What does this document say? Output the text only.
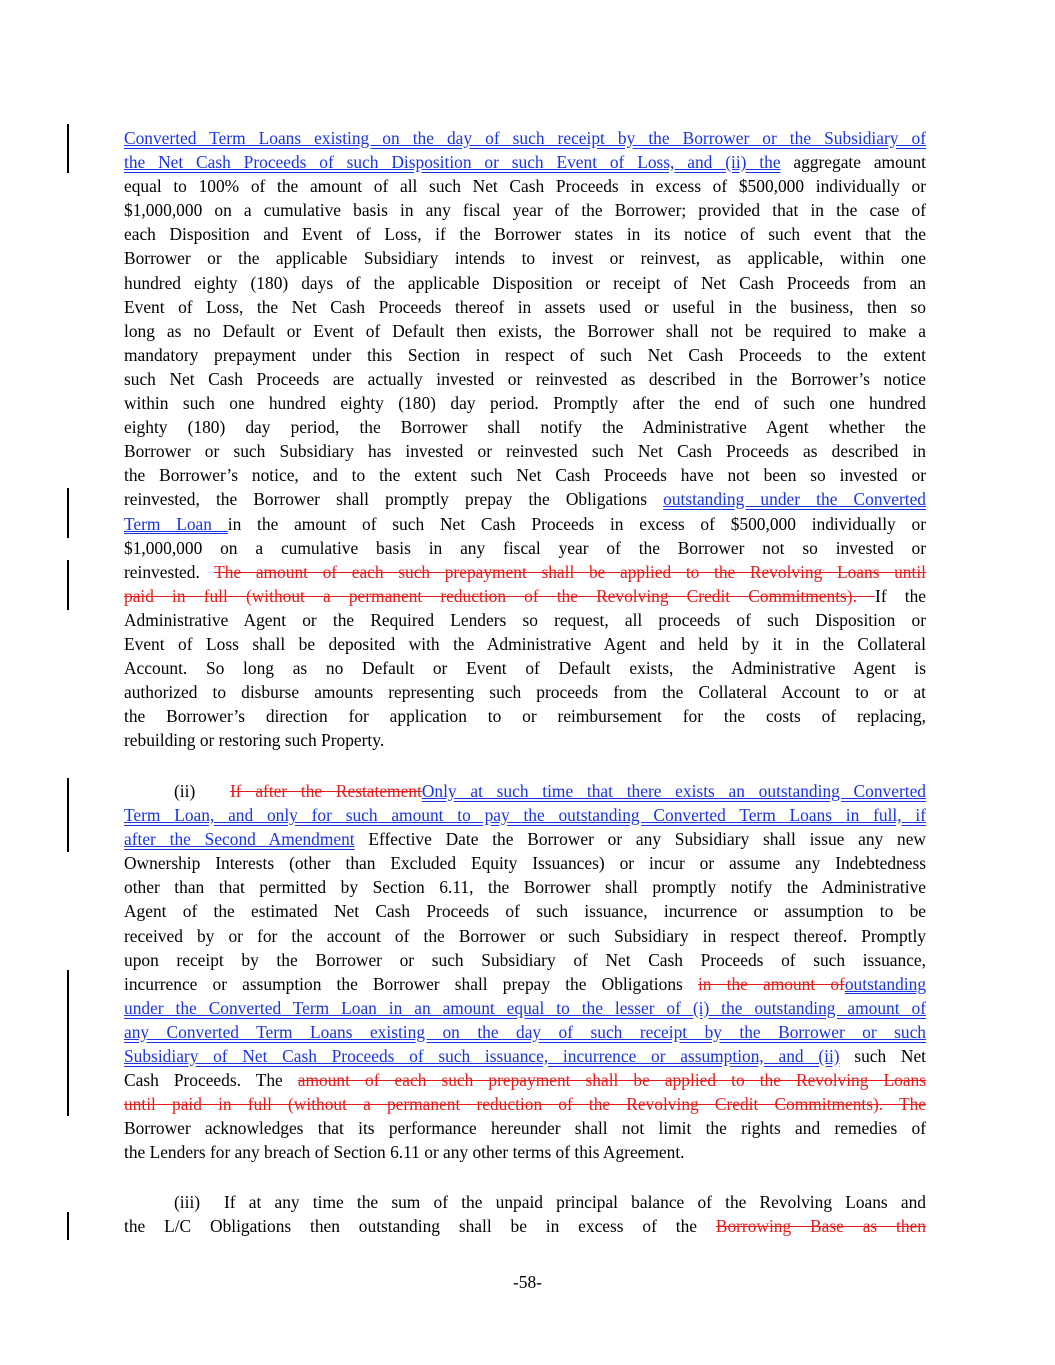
Converted Term Loans existing on the day of such receipt by the Borrower or the Subsidiary of
the Net Cash Proceeds of such Disposition or such Event of Loss, and (ii) the aggregate amount
equal to 100% of the amount of all such Net Cash Proceeds in excess of $500,000 individually or
$1,000,000 on a cumulative basis in any fiscal year of the Borrower; provided that in the case of
each Disposition and Event of Loss, if the Borrower states in its notice of such event that the
Borrower or the applicable Subsidiary intends to invest or reinvest, as applicable, within one
hundred eighty (180) days of the applicable Disposition or receipt of Net Cash Proceeds from an
Event of Loss, the Net Cash Proceeds thereof in assets used or useful in the business, then so
long as no Default or Event of Default then exists, the Borrower shall not be required to make a
mandatory prepayment under this Section in respect of such Net Cash Proceeds to the extent
such Net Cash Proceeds are actually invested or reinvested as described in the Borrower’s notice
within such one hundred eighty (180) day period. Promptly after the end of such one hundred
eighty (180) day period, the Borrower shall notify the Administrative Agent whether the
Borrower or such Subsidiary has invested or reinvested such Net Cash Proceeds as described in
the Borrower’s notice, and to the extent such Net Cash Proceeds have not been so invested or
reinvested, the Borrower shall promptly prepay the Obligations outstanding under the Converted
Term Loan in the amount of such Net Cash Proceeds in excess of $500,000 individually or
$1,000,000 on a cumulative basis in any fiscal year of the Borrower not so invested or
reinvested. The amount of each such prepayment shall be applied to the Revolving Loans until
paid in full (without a permanent reduction of the Revolving Credit Commitments). If the
Administrative Agent or the Required Lenders so request, all proceeds of such Disposition or
Event of Loss shall be deposited with the Administrative Agent and held by it in the Collateral
Account. So long as no Default or Event of Default exists, the Administrative Agent is
authorized to disburse amounts representing such proceeds from the Collateral Account to or at
the Borrower’s direction for application to or reimbursement for the costs of replacing,
rebuilding or restoring such Property.
(ii) If after the RestatementOnly at such time that there exists an outstanding Converted
Term Loan, and only for such amount to pay the outstanding Converted Term Loans in full, if
after the Second Amendment Effective Date the Borrower or any Subsidiary shall issue any new
Ownership Interests (other than Excluded Equity Issuances) or incur or assume any Indebtedness
other than that permitted by Section 6.11, the Borrower shall promptly notify the Administrative
Agent of the estimated Net Cash Proceeds of such issuance, incurrence or assumption to be
received by or for the account of the Borrower or such Subsidiary in respect thereof. Promptly
upon receipt by the Borrower or such Subsidiary of Net Cash Proceeds of such issuance,
incurrence or assumption the Borrower shall prepay the Obligations in the amount ofoutstanding
under the Converted Term Loan in an amount equal to the lesser of (i) the outstanding amount of
any Converted Term Loans existing on the day of such receipt by the Borrower or such
Subsidiary of Net Cash Proceeds of such issuance, incurrence or assumption, and (ii) such Net
Cash Proceeds. The amount of each such prepayment shall be applied to the Revolving Loans
until paid in full (without a permanent reduction of the Revolving Credit Commitments). The
Borrower acknowledges that its performance hereunder shall not limit the rights and remedies of
the Lenders for any breach of Section 6.11 or any other terms of this Agreement.
(iii) If at any time the sum of the unpaid principal balance of the Revolving Loans and
the L/C Obligations then outstanding shall be in excess of the Borrowing Base as then
-58-
